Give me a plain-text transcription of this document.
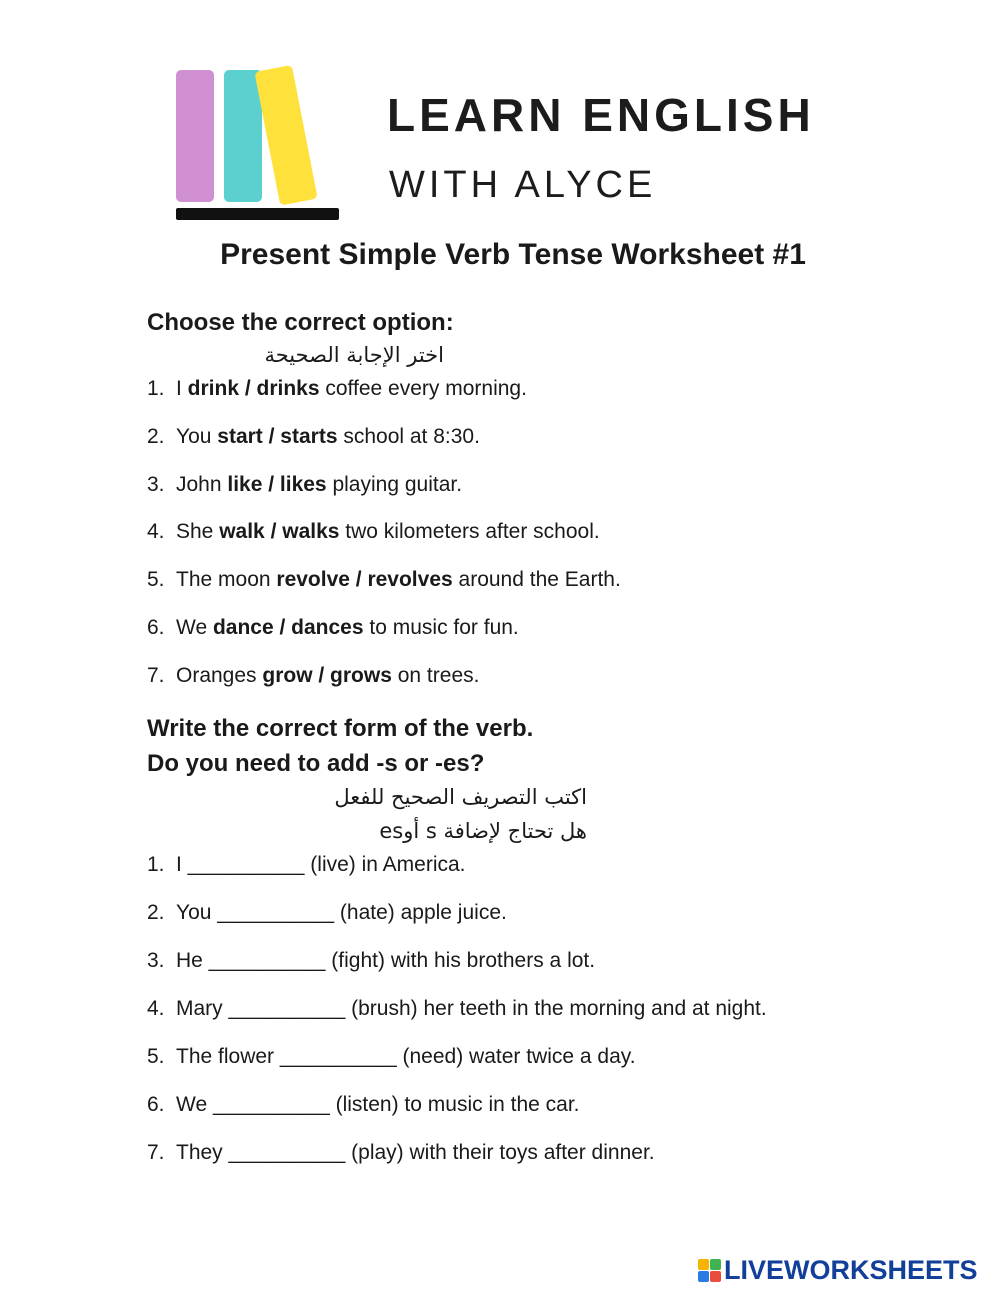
LEARN ENGLISH
WITH ALYCE
Present Simple Verb Tense Worksheet #1
Choose the correct option:
اختر الإجابة الصحيحة
1. I drink / drinks coffee every morning.
2. You start / starts school at 8:30.
3. John like / likes playing guitar.
4. She walk / walks two kilometers after school.
5. The moon revolve / revolves around the Earth.
6. We dance / dances to music for fun.
7. Oranges grow / grows on trees.
Write the correct form of the verb.
Do you need to add -s or -es?
اكتب التصريف الصحيح للفعل
هل تحتاج لإضافة s أوes
1. I __________ (live) in America.
2. You __________ (hate) apple juice.
3. He __________ (fight) with his brothers a lot.
4. Mary __________ (brush) her teeth in the morning and at night.
5. The flower __________ (need) water twice a day.
6. We __________ (listen) to music in the car.
7. They __________ (play) with their toys after dinner.
LIVEWORKSHEETS
